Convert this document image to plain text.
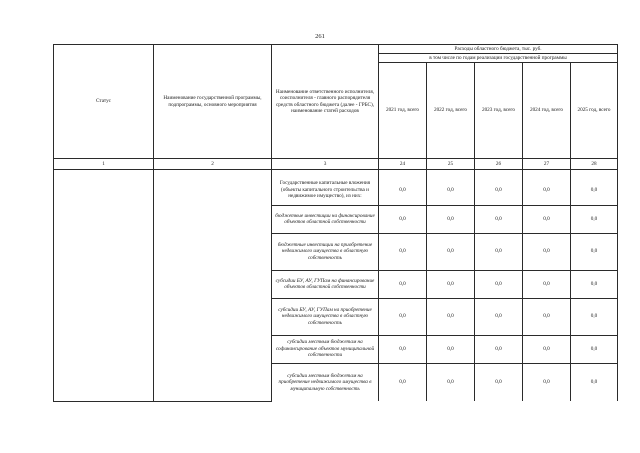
261
Статус	Наименование государственной программы, подпрограммы, основного мероприятия	Наименование ответственного исполнителя, соисполнителя - главного распорядителя средств областного бюджета (далее - ГРБС), наименование статей расходов	Расходы областного бюджета, тыс. руб.				
			в том числе по годам реализации государственной программы				
			2021 год, всего	2022 год, всего	2023 год, всего	2024 год, всего	2025 год, всего
1	2	3	24	25	26	27	28

		Государственные капитальные вложения (объекты капитального строительства и недвижимое имущество), из них:	0,0	0,0	0,0	0,0	0,0
		бюджетные инвестиции на финансирование объектов областной собственности	0,0	0,0	0,0	0,0	0,0
		бюджетные инвестиции на приобретение недвижимого имущества в областную собственность	0,0	0,0	0,0	0,0	0,0
		субсидии БУ, АУ, ГУПам на финансирование объектов областной собственности	0,0	0,0	0,0	0,0	0,0
		субсидии БУ, АУ, ГУПам на приобретение недвижимого имущества в областную собственность	0,0	0,0	0,0	0,0	0,0
		субсидии местным бюджетам на софинансирование объектов муниципальной собственности	0,0	0,0	0,0	0,0	0,0
		субсидии местным бюджетам на приобретение недвижимого имущества в муниципальную собственность	0,0	0,0	0,0	0,0	0,0
